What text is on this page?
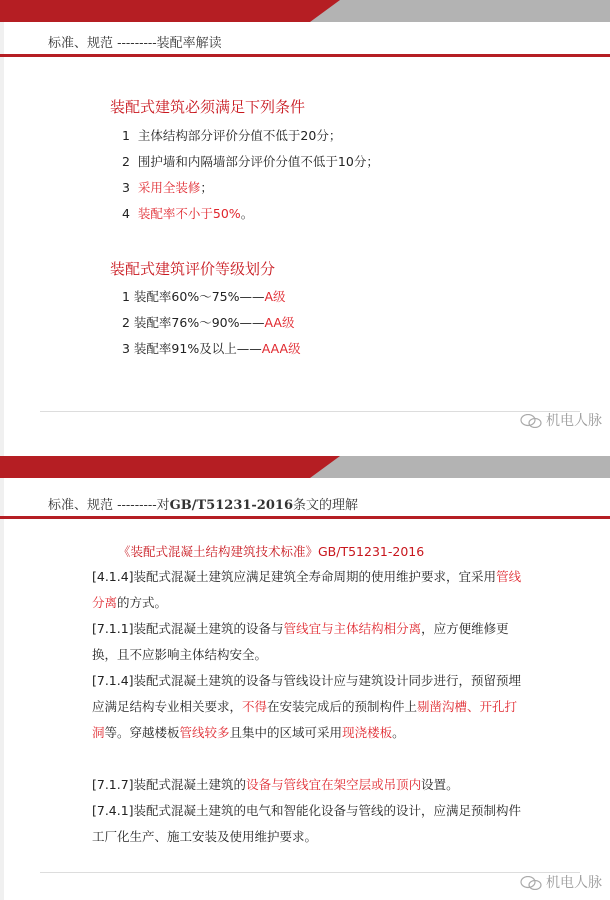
标准、规范 ---------装配率解读
装配式建筑必须满足下列条件
1 主体结构部分评价分值不低于20分；
2 围护墙和内隔墙部分评价分值不低于10分；
3 采用全装修；
4 装配率不小于50%。
装配式建筑评价等级划分
1 装配率60%～75%——A级
2 装配率76%～90%——AA级
3 装配率91%及以上——AAA级
机电人脉
标准、规范 ---------对GB/T51231-2016条文的理解
《装配式混凝土结构建筑技术标准》GB/T51231-2016
[4.1.4]装配式混凝土建筑应满足建筑全寿命周期的使用维护要求，宜采用管线分离的方式。
[7.1.1]装配式混凝土建筑的设备与管线宜与主体结构相分离，应方便维修更换，且不应影响主体结构安全。
[7.1.4]装配式混凝土建筑的设备与管线设计应与建筑设计同步进行，预留预埋应满足结构专业相关要求，不得在安装完成后的预制构件上剔凿沟槽、开孔打洞等。穿越楼板管线较多且集中的区域可采用现浇楼板。
[7.1.7]装配式混凝土建筑的设备与管线宜在架空层或吊顶内设置。
[7.4.1]装配式混凝土建筑的电气和智能化设备与管线的设计，应满足预制构件工厂化生产、施工安装及使用维护要求。
机电人脉
